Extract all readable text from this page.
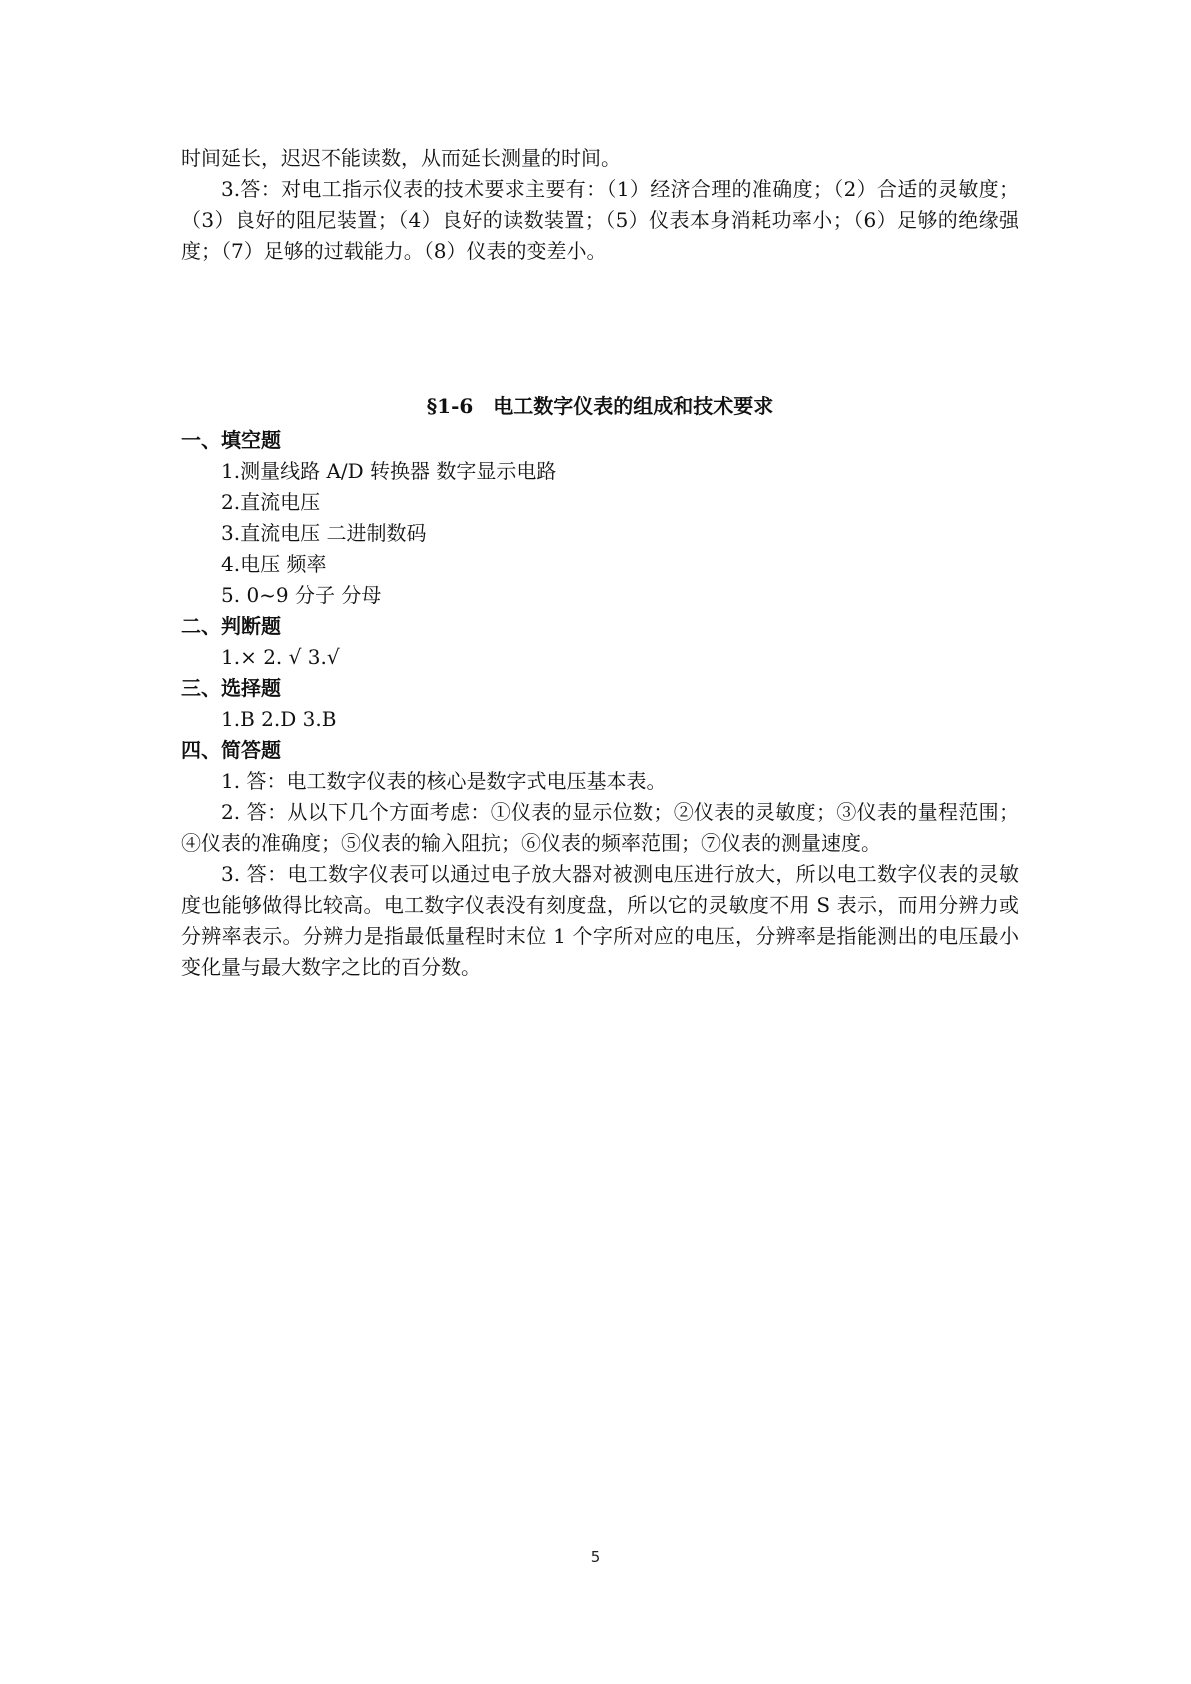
时间延长，迟迟不能读数，从而延长测量的时间。

3.答：对电工指示仪表的技术要求主要有：（1）经济合理的准确度；（2）合适的灵敏度；（3）良好的阻尼装置；（4）良好的读数装置；（5）仪表本身消耗功率小；（6）足够的绝缘强度；（7）足够的过载能力。（8）仪表的变差小。

§1-6　电工数字仪表的组成和技术要求

一、填空题

1.测量线路 A/D 转换器 数字显示电路

2.直流电压

3.直流电压 二进制数码

4.电压 频率

5. 0~9 分子 分母

二、判断题

1.× 2. √ 3.√

三、选择题

1.B 2.D 3.B

四、简答题

1. 答：电工数字仪表的核心是数字式电压基本表。

2. 答：从以下几个方面考虑：①仪表的显示位数；②仪表的灵敏度；③仪表的量程范围；④仪表的准确度；⑤仪表的输入阻抗；⑥仪表的频率范围；⑦仪表的测量速度。

3. 答：电工数字仪表可以通过电子放大器对被测电压进行放大，所以电工数字仪表的灵敏度也能够做得比较高。电工数字仪表没有刻度盘，所以它的灵敏度不用 S 表示，而用分辨力或分辨率表示。分辨力是指最低量程时末位 1 个字所对应的电压，分辨率是指能测出的电压最小变化量与最大数字之比的百分数。

5
